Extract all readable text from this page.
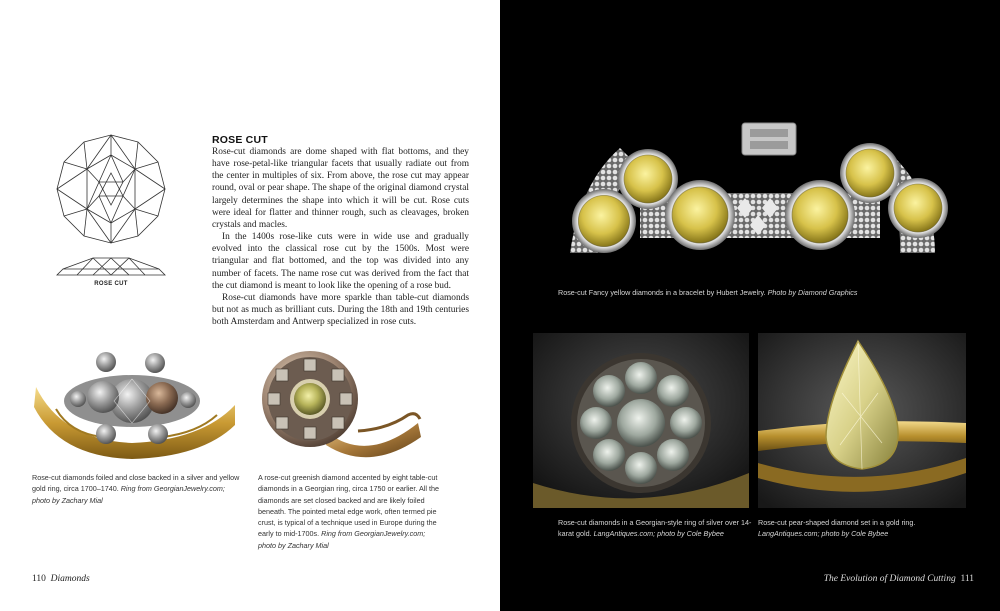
ROSE CUT
ROSE CUT

Rose-cut diamonds are dome shaped with flat bottoms, and they have rose-petal-like triangular facets that usually radiate out from the center in multiples of six. From above, the rose cut may appear round, oval or pear shape. The shape of the original diamond crystal largely determines the shape into which it will be cut. Rose cuts were ideal for flatter and thinner rough, such as cleavages, broken crystals and macles.

In the 1400s rose-like cuts were in wide use and gradually evolved into the classical rose cut by the 1500s. Most were triangular and flat bottomed, and the top was divided into any number of facets. The name rose cut was derived from the fact that the cut diamond is meant to look like the opening of a rose bud.

Rose-cut diamonds have more sparkle than table-cut diamonds but not as much as brilliant cuts. During the 18th and 19th centuries both Amsterdam and Antwerp specialized in rose cuts.

Rose-cut diamonds foiled and close backed in a silver and yellow gold ring, circa 1700–1740. Ring from GeorgianJewelry.com; photo by Zachary Mial
A rose-cut greenish diamond accented by eight table-cut diamonds in a Georgian ring, circa 1750 or earlier. All the diamonds are set closed backed and are likely foiled beneath. The pointed metal edge work, often termed pie crust, is typical of a technique used in Europe during the early to mid-1700s. Ring from GeorgianJewelry.com; photo by Zachary Mial
110 Diamonds
Rose-cut Fancy yellow diamonds in a bracelet by Hubert Jewelry. Photo by Diamond Graphics
Rose-cut diamonds in a Georgian-style ring of silver over 14-karat gold. LangAntiques.com; photo by Cole Bybee
Rose-cut pear-shaped diamond set in a gold ring. LangAntiques.com; photo by Cole Bybee
The Evolution of Diamond Cutting 111
